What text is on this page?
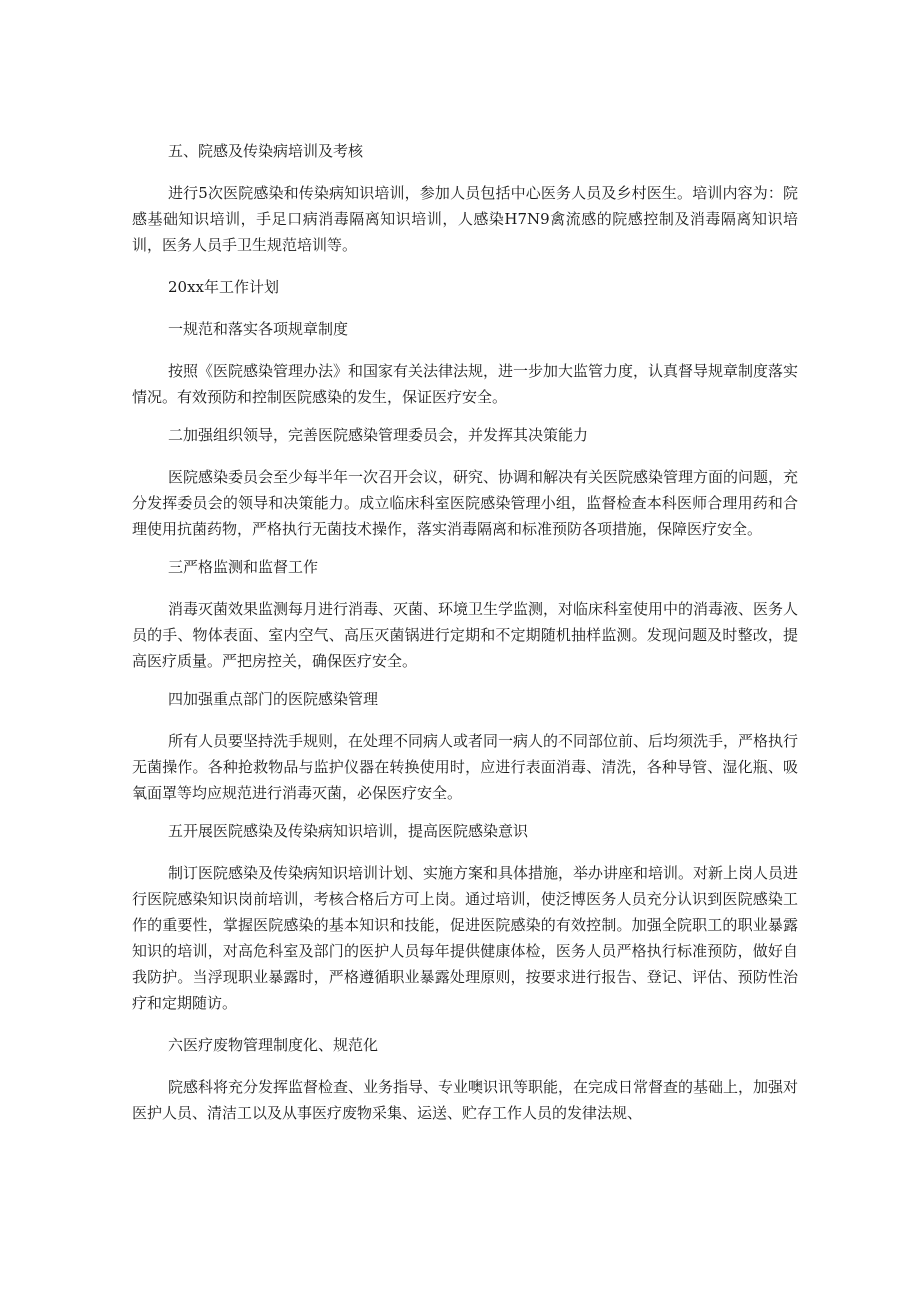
五、院感及传染病培训及考核

进行5次医院感染和传染病知识培训，参加人员包括中心医务人员及乡村医生。培训内容为：院感基础知识培训，手足口病消毒隔离知识培训，人感染H7N9禽流感的院感控制及消毒隔离知识培训，医务人员手卫生规范培训等。

20xx年工作计划

一规范和落实各项规章制度

按照《医院感染管理办法》和国家有关法律法规，进一步加大监管力度，认真督导规章制度落实情况。有效预防和控制医院感染的发生，保证医疗安全。

二加强组织领导，完善医院感染管理委员会，并发挥其决策能力

医院感染委员会至少每半年一次召开会议，研究、协调和解决有关医院感染管理方面的问题，充分发挥委员会的领导和决策能力。成立临床科室医院感染管理小组，监督检查本科医师合理用药和合理使用抗菌药物，严格执行无菌技术操作，落实消毒隔离和标准预防各项措施，保障医疗安全。

三严格监测和监督工作

消毒灭菌效果监测每月进行消毒、灭菌、环境卫生学监测，对临床科室使用中的消毒液、医务人员的手、物体表面、室内空气、高压灭菌锅进行定期和不定期随机抽样监测。发现问题及时整改，提高医疗质量。严把房控关，确保医疗安全。

四加强重点部门的医院感染管理

所有人员要坚持洗手规则，在处理不同病人或者同一病人的不同部位前、后均须洗手，严格执行无菌操作。各种抢救物品与监护仪器在转换使用时，应进行表面消毒、清洗，各种导管、湿化瓶、吸氧面罩等均应规范进行消毒灭菌，必保医疗安全。

五开展医院感染及传染病知识培训，提高医院感染意识

制订医院感染及传染病知识培训计划、实施方案和具体措施，举办讲座和培训。对新上岗人员进行医院感染知识岗前培训，考核合格后方可上岗。通过培训，使泛博医务人员充分认识到医院感染工作的重要性，掌握医院感染的基本知识和技能，促进医院感染的有效控制。加强全院职工的职业暴露知识的培训，对高危科室及部门的医护人员每年提供健康体检，医务人员严格执行标准预防，做好自我防护。当浮现职业暴露时，严格遵循职业暴露处理原则，按要求进行报告、登记、评估、预防性治疗和定期随访。

六医疗废物管理制度化、规范化

院感科将充分发挥监督检查、业务指导、专业噢识讯等职能，在完成日常督查的基础上，加强对医护人员、清洁工以及从事医疗废物采集、运送、贮存工作人员的发律法规、
